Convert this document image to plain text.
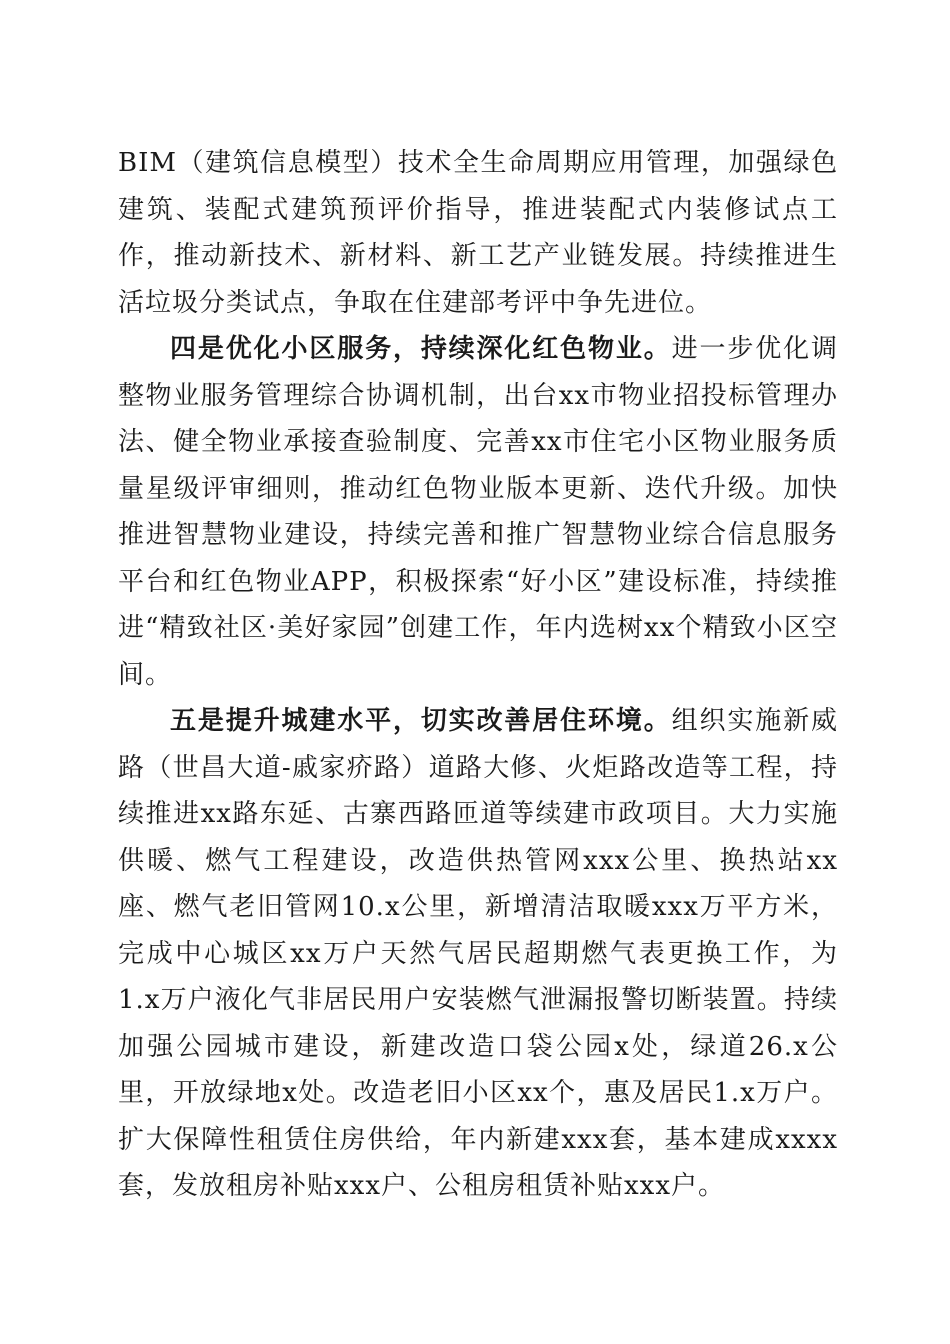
BIM（建筑信息模型）技术全生命周期应用管理，加强绿色建筑、装配式建筑预评价指导，推进装配式内装修试点工作，推动新技术、新材料、新工艺产业链发展。持续推进生活垃圾分类试点，争取在住建部考评中争先进位。

四是优化小区服务，持续深化红色物业。进一步优化调整物业服务管理综合协调机制，出台xx市物业招投标管理办法、健全物业承接查验制度、完善xx市住宅小区物业服务质量星级评审细则，推动红色物业版本更新、迭代升级。加快推进智慧物业建设，持续完善和推广智慧物业综合信息服务平台和红色物业APP，积极探索“好小区”建设标准，持续推进“精致社区·美好家园”创建工作，年内选树xx个精致小区空间。

五是提升城建水平，切实改善居住环境。组织实施新威路（世昌大道-戚家疥路）道路大修、火炬路改造等工程，持续推进xx路东延、古寨西路匝道等续建市政项目。大力实施供暖、燃气工程建设，改造供热管网xxx公里、换热站xx座、燃气老旧管网10.x公里，新增清洁取暖xxx万平方米，完成中心城区xx万户天然气居民超期燃气表更换工作，为1.x万户液化气非居民用户安装燃气泄漏报警切断装置。持续加强公园城市建设，新建改造口袋公园x处，绿道26.x公里，开放绿地x处。改造老旧小区xx个，惠及居民1.x万户。扩大保障性租赁住房供给，年内新建xxx套，基本建成xxxx套，发放租房补贴xxx户、公租房租赁补贴xxx户。
